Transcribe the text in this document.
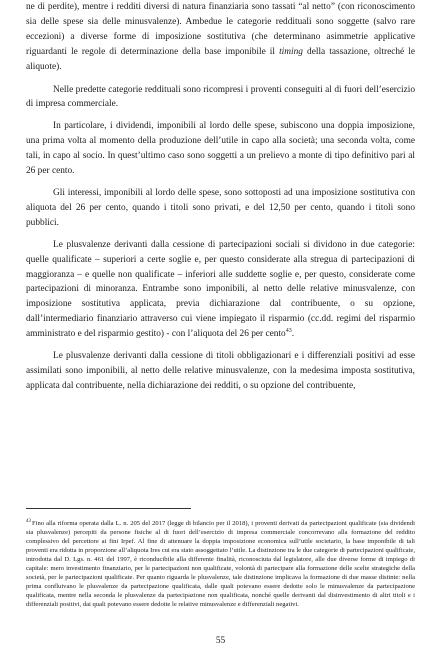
ne di perdite), mentre i redditi diversi di natura finanziaria sono tassati “al netto” (con riconoscimento sia delle spese sia delle minusvalenze). Ambedue le categorie reddituali sono soggette (salvo rare eccezioni) a diverse forme di imposizione sostitutiva (che determinano asimmetrie applicative riguardanti le regole di determinazione della base imponibile il timing della tassazione, oltreché le aliquote).

Nelle predette categorie reddituali sono ricompresi i proventi conseguiti al di fuori dell’esercizio di impresa commerciale.

In particolare, i dividendi, imponibili al lordo delle spese, subiscono una doppia imposizione, una prima volta al momento della produzione dell’utile in capo alla società; una seconda volta, come tali, in capo al socio. In quest’ultimo caso sono soggetti a un prelievo a monte di tipo definitivo pari al 26 per cento.

Gli interessi, imponibili al lordo delle spese, sono sottoposti ad una imposizione sostitutiva con aliquota del 26 per cento, quando i titoli sono privati, e del 12,50 per cento, quando i titoli sono pubblici.

Le plusvalenze derivanti dalla cessione di partecipazioni sociali si dividono in due categorie: quelle qualificate – superiori a certe soglie e, per questo considerate alla stregua di partecipazioni di maggioranza – e quelle non qualificate – inferiori alle suddette soglie e, per questo, considerate come partecipazioni di minoranza. Entrambe sono imponibili, al netto delle relative minusvalenze, con imposizione sostitutiva applicata, previa dichiarazione dal contribuente, o su opzione, dall’intermediario finanziario attraverso cui viene impiegato il risparmio (cc.dd. regimi del risparmio amministrato e del risparmio gestito) - con l’aliquota del 26 per cento$^{43}$.

Le plusvalenze derivanti dalla cessione di titoli obbligazionari e i differenziali positivi ad esse assimilati sono imponibili, al netto delle relative minusvalenze, con la medesima imposta sostitutiva, applicata dal contribuente, nella dichiarazione dei redditi, o su opzione del contribuente,

$^{43}$Fino alla riforma operata dalla L. n. 205 del 2017 (legge di bilancio per il 2018), i proventi derivati da partecipazioni qualificate (sia dividendi sia plusvalenze) percepiti da persone fisiche al di fuori dell’esercizio di impresa commerciale concorrevano alla formazione del reddito complessivo del percettore ai fini Irpef. Al fine di attenuare la doppia imposizione economica sull’utile societario, la base imponibile di tali proventi era ridotta in proporzione all’aliquota Ires cui era stato assoggettato l’utile. La distinzione tra le due categorie di partecipazioni qualificate, introdotta dal D. Lgs. n. 461 del 1997, è riconducibile alla differente finalità, riconosciuta dal legislatore, alle due diverse forme di impiego di capitale: mero investimento finanziario, per le partecipazioni non qualificate, volontà di partecipare alla formazione delle scelte strategiche della società, per le partecipazioni qualificate. Per quanto riguarda le plusvalenze, tale distinzione implicava la formazione di due masse distinte: nella prima confluivano le plusvalenze da partecipazione qualificata, dalle quali potevano essere dedotte solo le minusvalenze da partecipazione qualificata, mentre nella seconda le plusvalenze da partecipazione non qualificata, nonché quelle derivanti dal disinvestimento di altri titoli e i differenziali positivi, dai quali potevano essere dedotte le relative minusvalenze e differenziali negativi.
55
